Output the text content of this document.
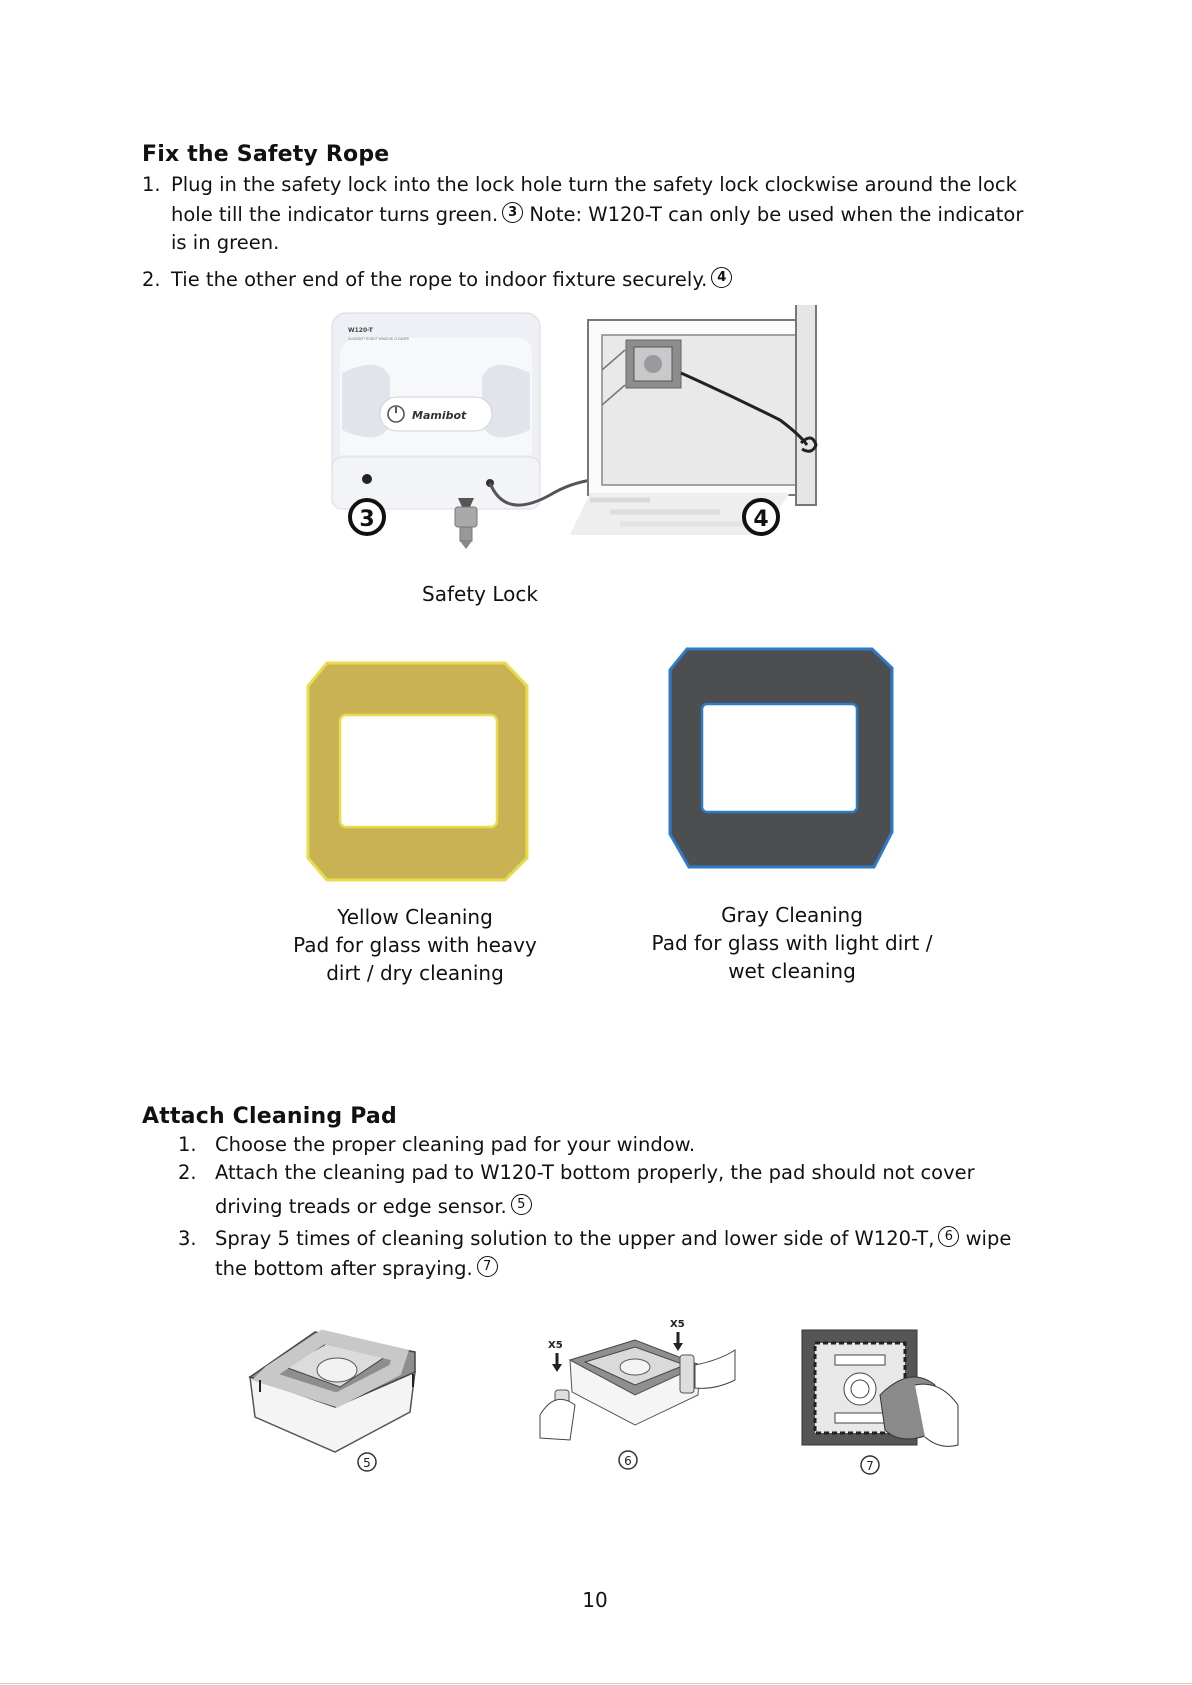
Fix the Safety Rope
1. Plug in the safety lock into the lock hole turn the safety lock clockwise around the lock
hole till the indicator turns green. 3 Note: W120-T can only be used when the indicator
is in green.
2. Tie the other end of the rope to indoor fixture securely. 4
Mamibot
W120-T
GLASSBOT ROBOT WINDOW CLEANER
3	4
Safety Lock
Yellow Cleaning
Pad for glass with heavy
dirt / dry cleaning
Gray Cleaning
Pad for glass with light dirt /
wet cleaning
Attach Cleaning Pad
1. Choose the proper cleaning pad for your window.
2. Attach the cleaning pad to W120-T bottom properly, the pad should not cover
driving treads or edge sensor. 5
3. Spray 5 times of cleaning solution to the upper and lower side of W120-T, 6 wipe
the bottom after spraying. 7
5
X5
X5
6	7
10
